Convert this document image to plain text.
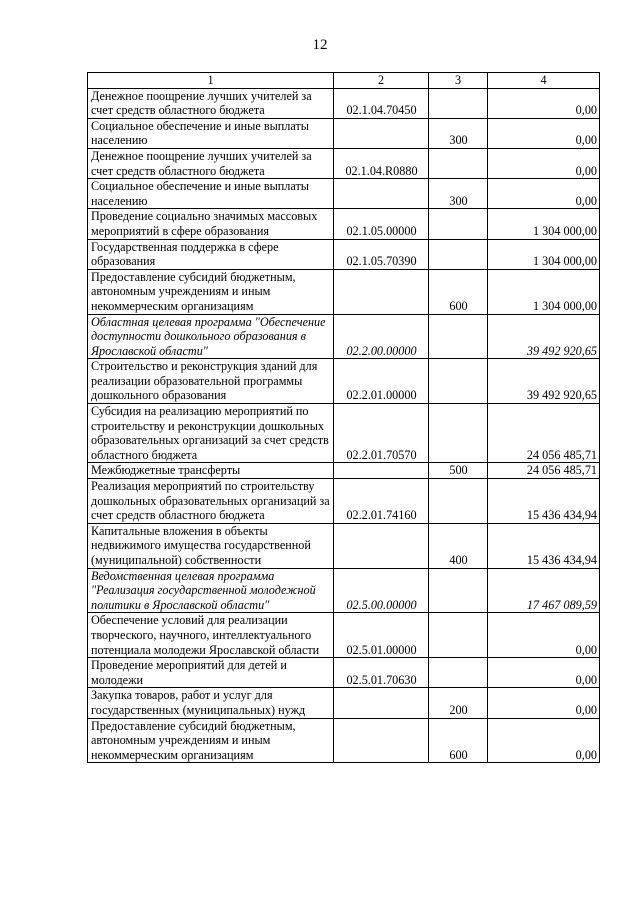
12
1	2	3	4
Денежное поощрение лучших учителей за счет средств областного бюджета	02.1.04.70450		0,00
Социальное обеспечение и иные выплаты населению		300	0,00
Денежное поощрение лучших учителей за счет средств областного бюджета	02.1.04.R0880		0,00
Социальное обеспечение и иные выплаты населению		300	0,00
Проведение социально значимых массовых мероприятий в сфере образования	02.1.05.00000		1 304 000,00
Государственная поддержка в сфере образования	02.1.05.70390		1 304 000,00
Предоставление субсидий бюджетным, автономным учреждениям и иным некоммерческим организациям		600	1 304 000,00
Областная целевая программа "Обеспечение доступности дошкольного образования в Ярославской области"	02.2.00.00000		39 492 920,65
Строительство и реконструкция зданий для реализации образовательной программы дошкольного образования	02.2.01.00000		39 492 920,65
Субсидия на реализацию мероприятий по строительству и реконструкции дошкольных образовательных организаций за счет средств областного бюджета	02.2.01.70570		24 056 485,71
Межбюджетные трансферты		500	24 056 485,71
Реализация мероприятий по строительству дошкольных образовательных организаций за счет средств областного бюджета	02.2.01.74160		15 436 434,94
Капитальные вложения в объекты недвижимого имущества государственной (муниципальной) собственности		400	15 436 434,94
Ведомственная целевая программа "Реализация государственной молодежной политики в Ярославской области"	02.5.00.00000		17 467 089,59
Обеспечение условий для реализации творческого, научного, интеллектуального потенциала молодежи Ярославской области	02.5.01.00000		0,00
Проведение мероприятий для детей и молодежи	02.5.01.70630		0,00
Закупка товаров, работ и услуг для государственных (муниципальных) нужд		200	0,00
Предоставление субсидий бюджетным, автономным учреждениям и иным некоммерческим организациям		600	0,00
